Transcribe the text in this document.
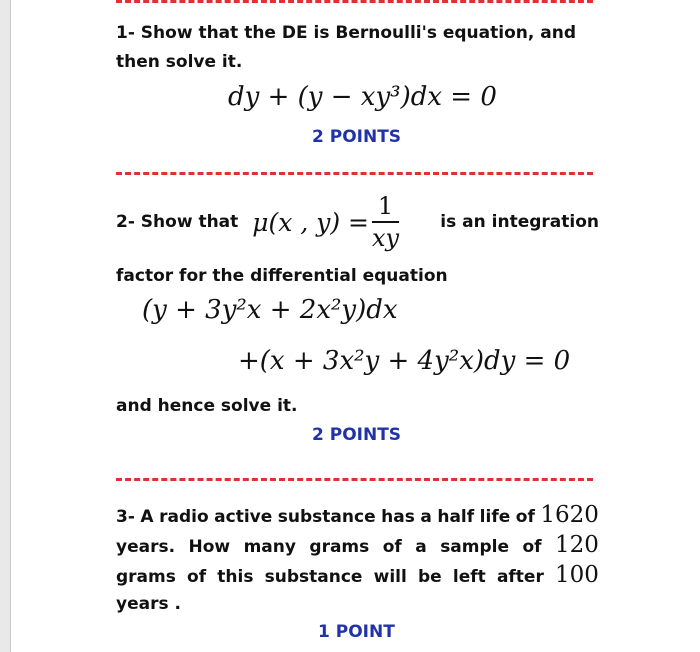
1- Show that the DE is Bernoulli's equation, and
then solve it.
dy + (y − xy³)dx = 0
2 POINTS
2- Show that μ(x , $y) = \frac{1}{xy}$ is an integration
factor for the differential equation
(y + 3y²x + 2x²y)dx
+(x + 3x²y + 4y²x)dy = 0
and hence solve it.
2 POINTS
3- A radio active substance has a half life of 1620
years. How many grams of a sample of 120
grams of this substance will be left after 100
years .
1 POINT
